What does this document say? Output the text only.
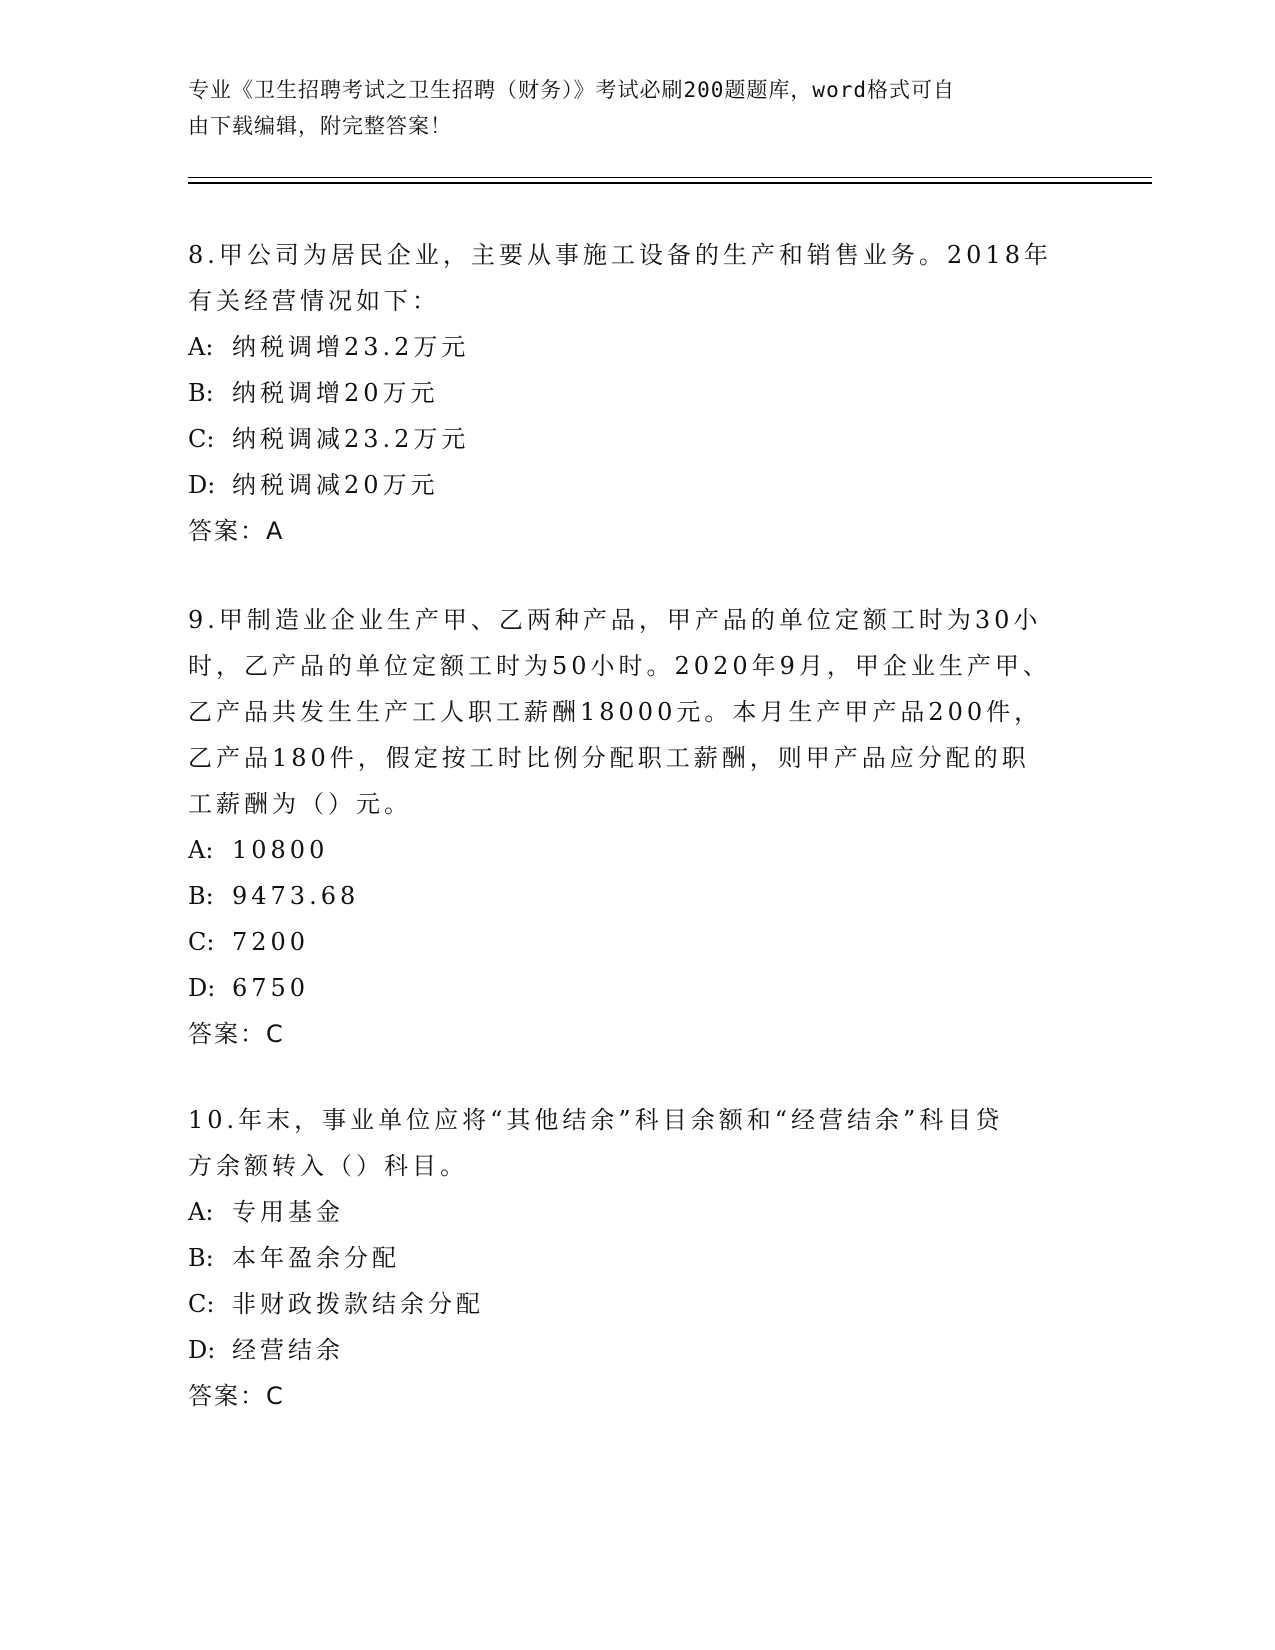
专业《卫生招聘考试之卫生招聘（财务）》考试必刷200题题库，word格式可自
由下载编辑，附完整答案！
8.甲公司为居民企业，主要从事施工设备的生产和销售业务。2018年
有关经营情况如下：
A: 纳税调增23.2万元
B: 纳税调增20万元
C: 纳税调减23.2万元
D: 纳税调减20万元
答案：A
9.甲制造业企业生产甲、乙两种产品，甲产品的单位定额工时为30小
时，乙产品的单位定额工时为50小时。2020年9月，甲企业生产甲、
乙产品共发生生产工人职工薪酬18000元。本月生产甲产品200件，
乙产品180件，假定按工时比例分配职工薪酬，则甲产品应分配的职
工薪酬为（）元。
A: 10800
B: 9473.68
C: 7200
D: 6750
答案：C
10.年末，事业单位应将“其他结余”科目余额和“经营结余”科目贷
方余额转入（）科目。
A: 专用基金
B: 本年盈余分配
C: 非财政拨款结余分配
D: 经营结余
答案：C
